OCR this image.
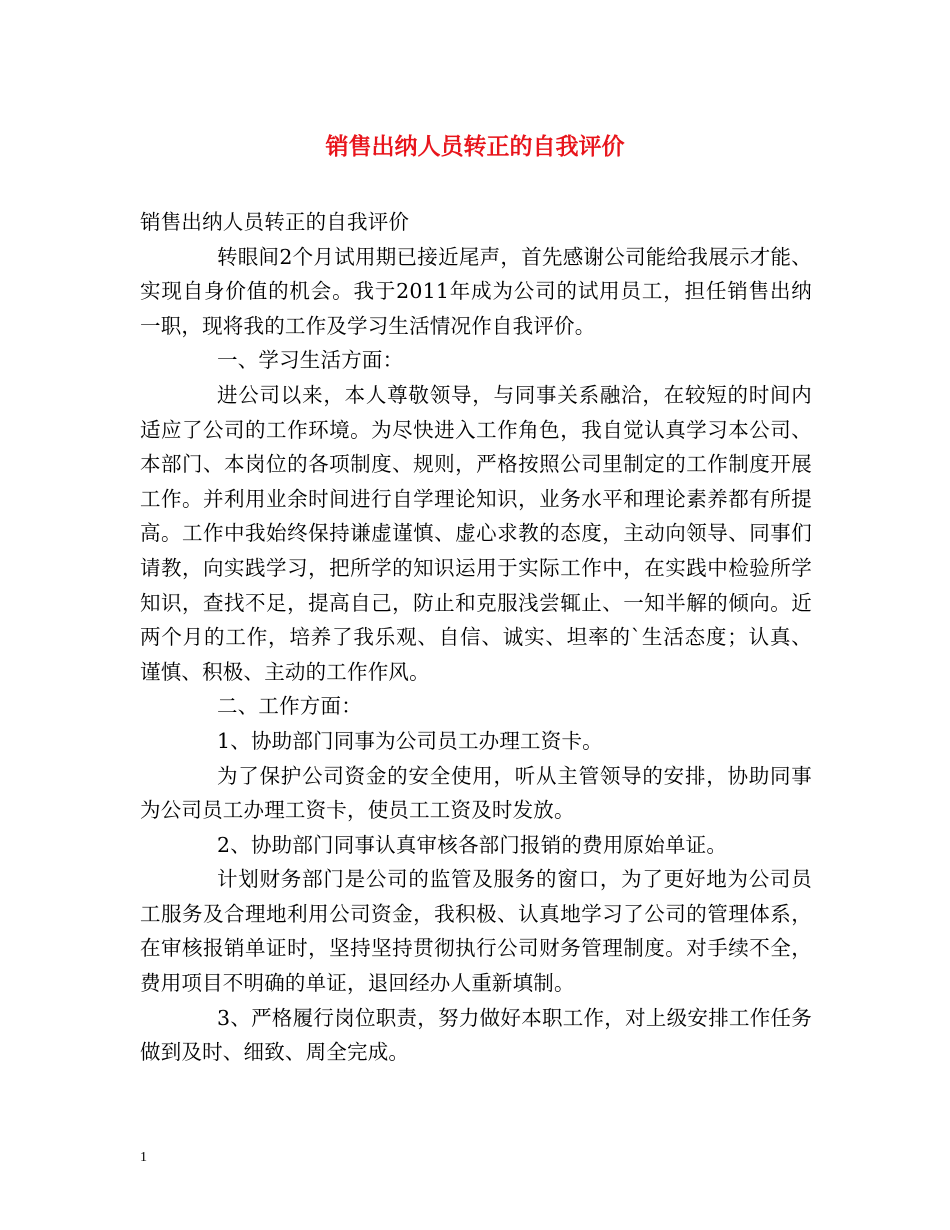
销售出纳人员转正的自我评价

销售出纳人员转正的自我评价

转眼间2个月试用期已接近尾声，首先感谢公司能给我展示才能、实现自身价值的机会。我于2011年成为公司的试用员工，担任销售出纳一职，现将我的工作及学习生活情况作自我评价。

一、学习生活方面：

进公司以来，本人尊敬领导，与同事关系融洽，在较短的时间内适应了公司的工作环境。为尽快进入工作角色，我自觉认真学习本公司、本部门、本岗位的各项制度、规则，严格按照公司里制定的工作制度开展工作。并利用业余时间进行自学理论知识，业务水平和理论素养都有所提高。工作中我始终保持谦虚谨慎、虚心求教的态度，主动向领导、同事们请教，向实践学习，把所学的知识运用于实际工作中，在实践中检验所学知识，查找不足，提高自己，防止和克服浅尝辄止、一知半解的倾向。近两个月的工作，培养了我乐观、自信、诚实、坦率的`生活态度；认真、谨慎、积极、主动的工作作风。

二、工作方面：

1、协助部门同事为公司员工办理工资卡。

为了保护公司资金的安全使用，听从主管领导的安排，协助同事为公司员工办理工资卡，使员工工资及时发放。

2、协助部门同事认真审核各部门报销的费用原始单证。

计划财务部门是公司的监管及服务的窗口，为了更好地为公司员工服务及合理地利用公司资金，我积极、认真地学习了公司的管理体系，在审核报销单证时，坚持坚持贯彻执行公司财务管理制度。对手续不全，费用项目不明确的单证，退回经办人重新填制。

3、严格履行岗位职责，努力做好本职工作，对上级安排工作任务做到及时、细致、周全完成。

1
